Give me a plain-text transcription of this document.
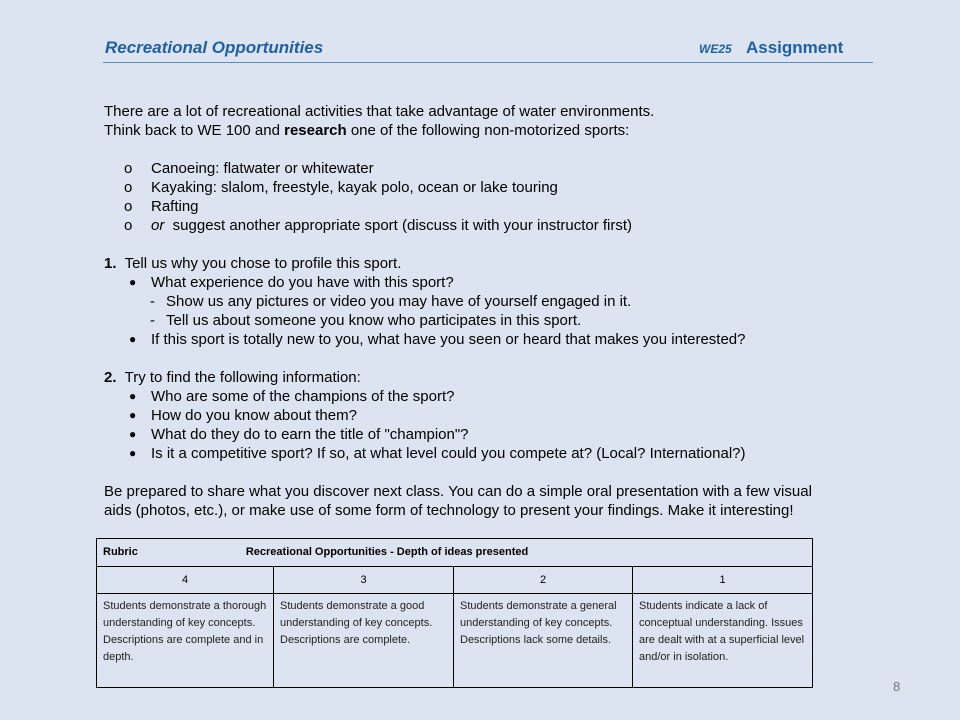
Recreational Opportunities	WE25 Assignment
There are a lot of recreational activities that take advantage of water environments.
Think back to WE 100 and research one of the following non-motorized sports:
o Canoeing: flatwater or whitewater
o Kayaking: slalom, freestyle, kayak polo, ocean or lake touring
o Rafting
o or  suggest another appropriate sport (discuss it with your instructor first)
1. Tell us why you chose to profile this sport.
● What experience do you have with this sport?
- Show us any pictures or video you may have of yourself engaged in it.
- Tell us about someone you know who participates in this sport.
● If this sport is totally new to you, what have you seen or heard that makes you interested?
2. Try to find the following information:
● Who are some of the champions of the sport?
● How do you know about them?
● What do they do to earn the title of "champion"?
● Is it a competitive sport? If so, at what level could you compete at? (Local? International?)
Be prepared to share what you discover next class. You can do a simple oral presentation with a few visual
aids (photos, etc.), or make use of some form of technology to present your findings. Make it interesting!
Rubric Recreational Opportunities - Depth of ideas presented			
4	3	2	1
Students demonstrate a thorough understanding of key concepts. Descriptions are complete and in depth.	Students demonstrate a good understanding of key concepts. Descriptions are complete.	Students demonstrate a general understanding of key concepts. Descriptions lack some details.	Students indicate a lack of conceptual understanding. Issues are dealt with at a superficial level and/or in isolation.
8
